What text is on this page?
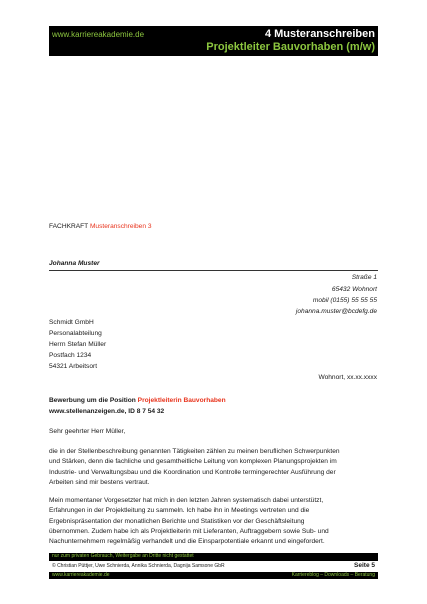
www.karriereakademie.de	4 Musteranschreiben
Projektleiter Bauvorhaben (m/w)
FACHKRAFT Musteranschreiben 3
Johanna Muster
Straße 1
65432 Wohnort
mobil (0155) 55 55 55
johanna.muster@bcdefg.de
Schmidt GmbH
Personalabteilung
Herrn Stefan Müller
Postfach 1234
54321 Arbeitsort
Wohnort, xx.xx.xxxx
Bewerbung um die Position Projektleiterin Bauvorhaben
www.stellenanzeigen.de, ID 8 7 54 32
Sehr geehrter Herr Müller,
die in der Stellenbeschreibung genannten Tätigkeiten zählen zu meinen beruflichen Schwerpunkten
und Stärken, denn die fachliche und gesamtheitliche Leitung von komplexen Planungsprojekten im
Industrie- und Verwaltungsbau und die Koordination und Kontrolle termingerechter Ausführung der
Arbeiten sind mir bestens vertraut.
Mein momentaner Vorgesetzter hat mich in den letzten Jahren systematisch dabei unterstützt,
Erfahrungen in der Projektleitung zu sammeln. Ich habe ihn in Meetings vertreten und die
Ergebnispräsentation der monatlichen Berichte und Statistiken vor der Geschäftsleitung
übernommen. Zudem habe ich als Projektleiterin mit Lieferanten, Auftraggebern sowie Sub- und
Nachunternehmern regelmäßig verhandelt und die Einsparpotentiale erkannt und eingefordert.
nur zum privaten Gebrauch, Weitergabe an Dritte nicht gestattet
© Christian Püttjer, Uwe Schnierda, Annika Schnierda, Dagnija Samsone GbR	Seite 5
www.karriereakademie.de	Karriereblog – Downloads – Beratung
